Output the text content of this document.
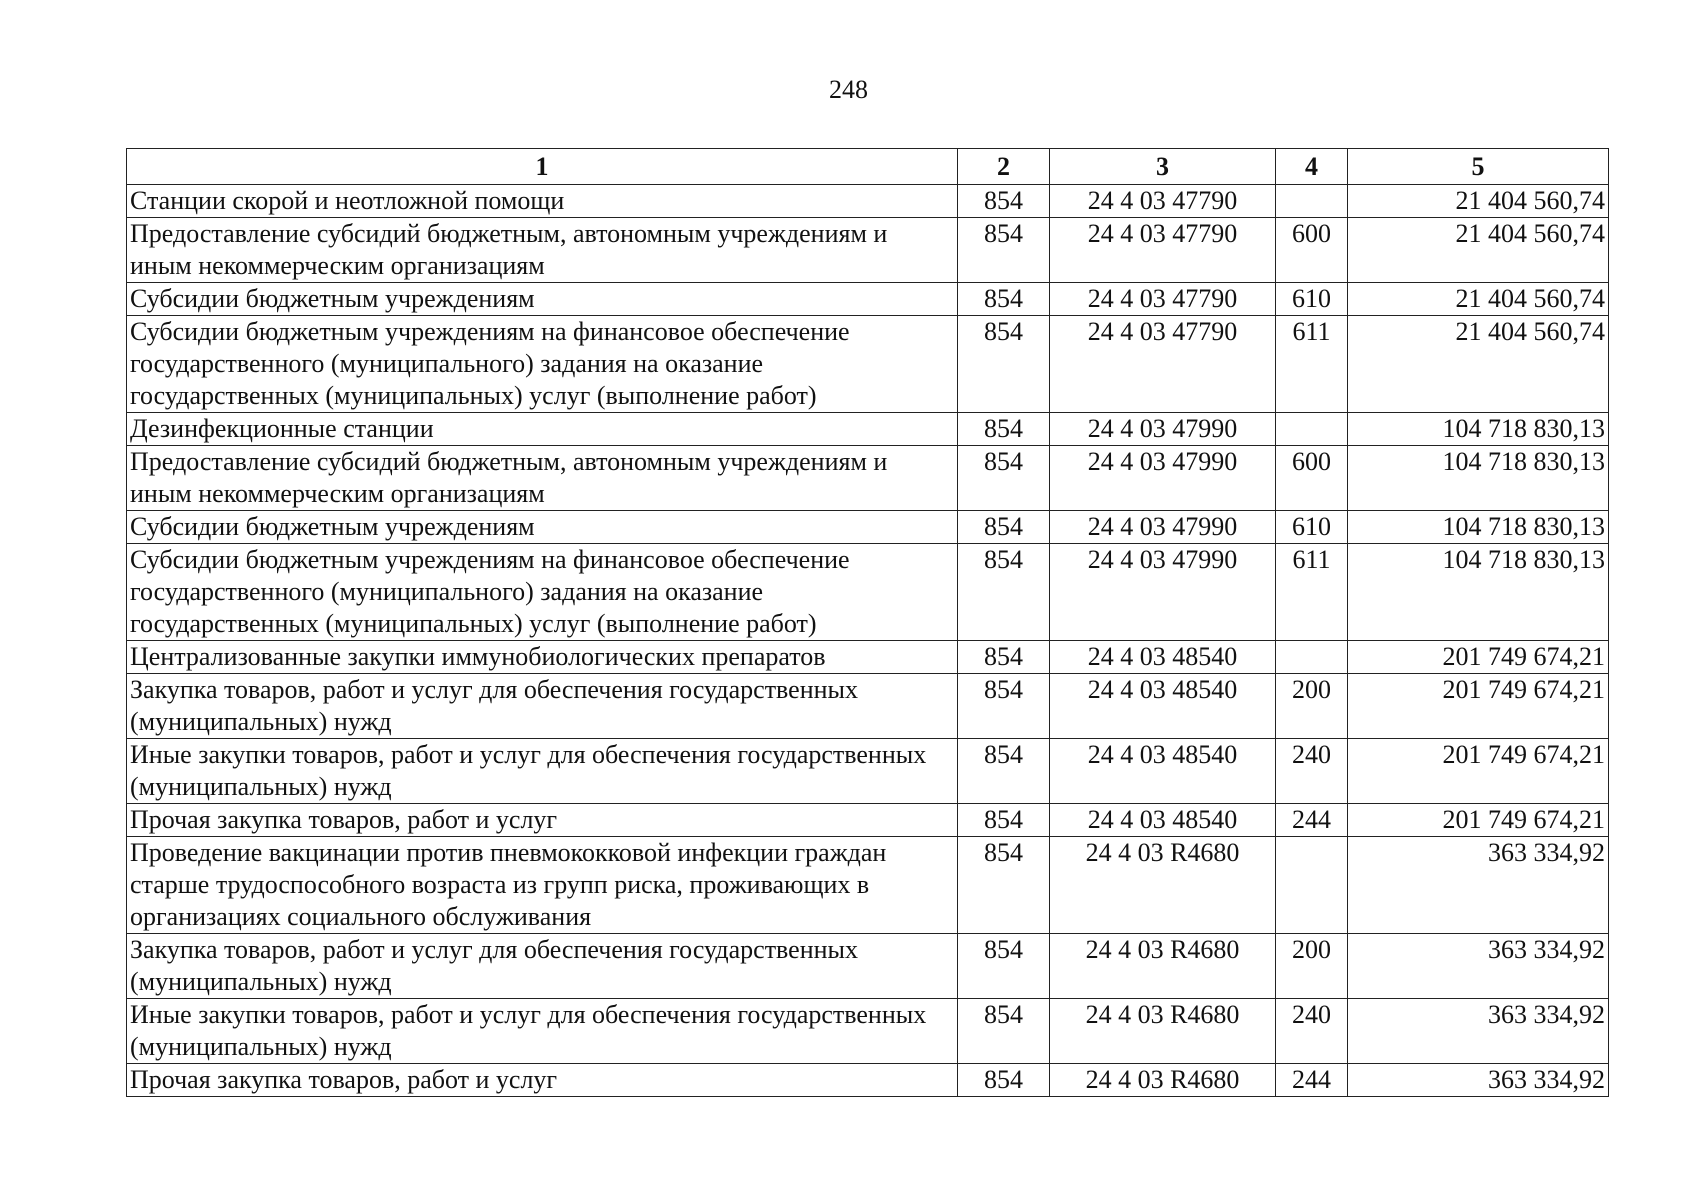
248
1	2	3	4	5
Станции скорой и неотложной помощи	854	24 4 03 47790		21 404 560,74
Предоставление субсидий бюджетным, автономным учреждениям и иным некоммерческим организациям	854	24 4 03 47790	600	21 404 560,74
Субсидии бюджетным учреждениям	854	24 4 03 47790	610	21 404 560,74
Субсидии бюджетным учреждениям на финансовое обеспечение государственного (муниципального) задания на оказание государственных (муниципальных) услуг (выполнение работ)	854	24 4 03 47790	611	21 404 560,74
Дезинфекционные станции	854	24 4 03 47990		104 718 830,13
Предоставление субсидий бюджетным, автономным учреждениям и иным некоммерческим организациям	854	24 4 03 47990	600	104 718 830,13
Субсидии бюджетным учреждениям	854	24 4 03 47990	610	104 718 830,13
Субсидии бюджетным учреждениям на финансовое обеспечение государственного (муниципального) задания на оказание государственных (муниципальных) услуг (выполнение работ)	854	24 4 03 47990	611	104 718 830,13
Централизованные закупки иммунобиологических препаратов	854	24 4 03 48540		201 749 674,21
Закупка товаров, работ и услуг для обеспечения государственных (муниципальных) нужд	854	24 4 03 48540	200	201 749 674,21
Иные закупки товаров, работ и услуг для обеспечения государственных (муниципальных) нужд	854	24 4 03 48540	240	201 749 674,21
Прочая закупка товаров, работ и услуг	854	24 4 03 48540	244	201 749 674,21
Проведение вакцинации против пневмококковой инфекции граждан старше трудоспособного возраста из групп риска, проживающих в организациях социального обслуживания	854	24 4 03 R4680		363 334,92
Закупка товаров, работ и услуг для обеспечения государственных (муниципальных) нужд	854	24 4 03 R4680	200	363 334,92
Иные закупки товаров, работ и услуг для обеспечения государственных (муниципальных) нужд	854	24 4 03 R4680	240	363 334,92
Прочая закупка товаров, работ и услуг	854	24 4 03 R4680	244	363 334,92
